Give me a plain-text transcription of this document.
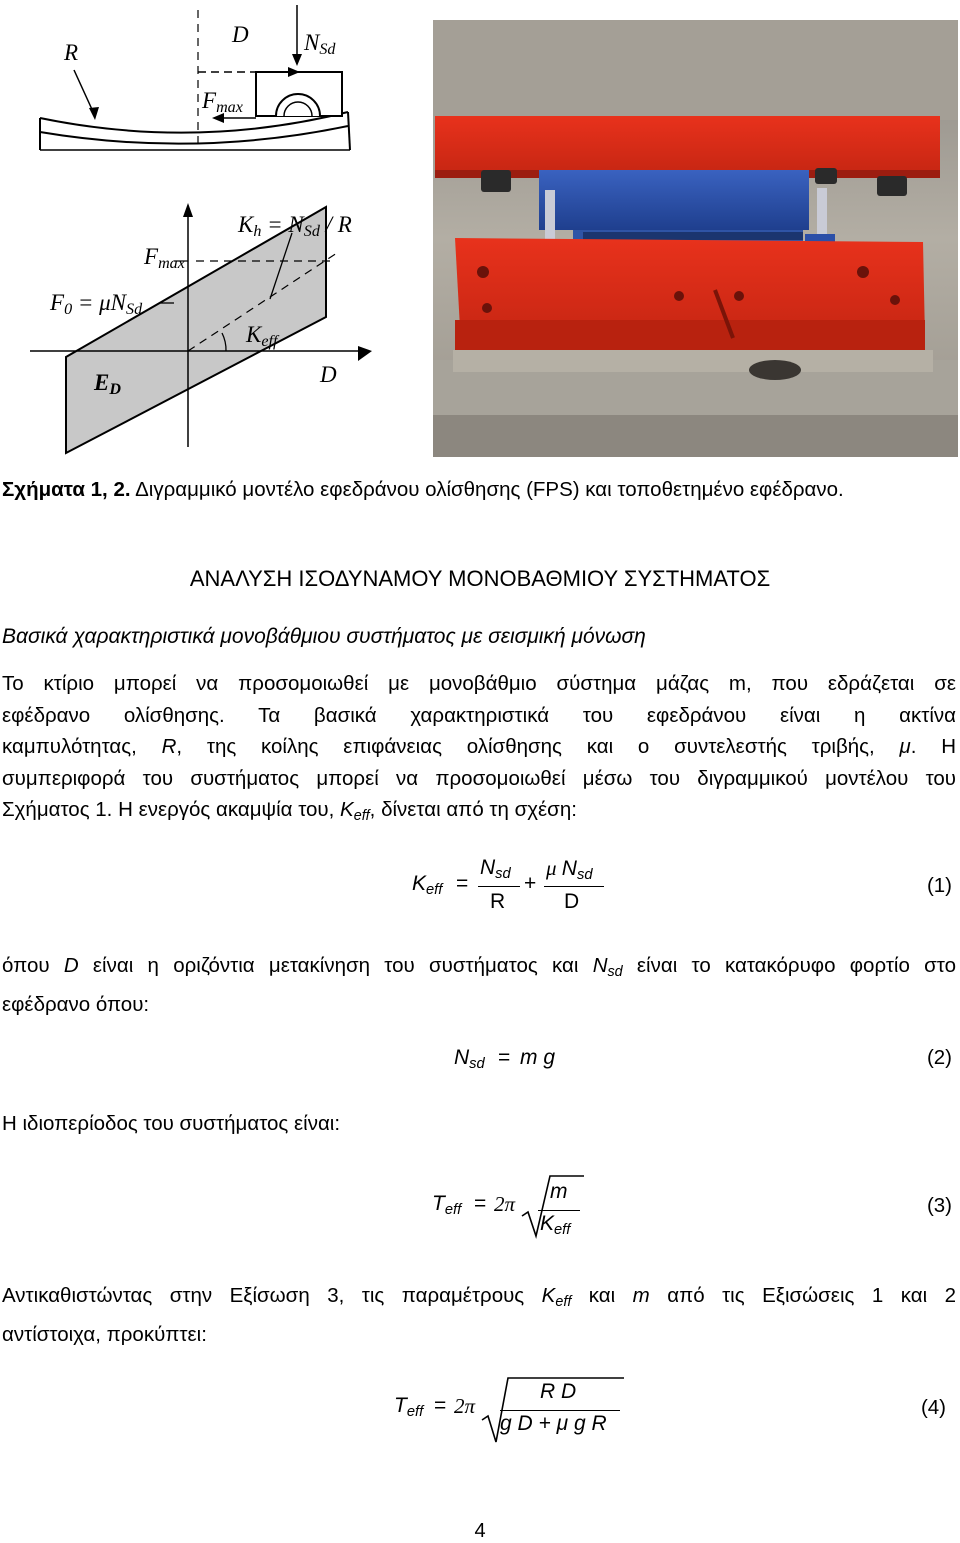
R
D $N_{Sd}$
$F_{max}$
$K_h = N_{Sd} / R$
$F_{max}$
$F_0 = \mu N_{Sd}$
$K_{eff}$
$E_D$
D
Σχήματα 1, 2. Διγραμμικό μοντέλο εφεδράνου ολίσθησης (FPS) και τοποθετημένο εφέδρανο.
ΑΝΑΛΥΣΗ ΙΣΟΔΥΝΑΜΟΥ ΜΟΝΟΒΑΘΜΙΟΥ ΣΥΣΤΗΜΑΤΟΣ
Βασικά χαρακτηριστικά μονοβάθμιου συστήματος με σεισμική μόνωση
Το κτίριο μπορεί να προσομοιωθεί με μονοβάθμιο σύστημα μάζας m, που εδράζεται σε
εφέδρανο ολίσθησης. Τα βασικά χαρακτηριστικά του εφεδράνου είναι η ακτίνα
καμπυλότητας, R, της κοίλης επιφάνειας ολίσθησης και ο συντελεστής τριβής, μ. Η
συμπεριφορά του συστήματος μπορεί να προσομοιωθεί μέσω του διγραμμικού μοντέλου του
Σχήματος 1. Η ενεργός ακαμψία του, $K_{eff}$, δίνεται από τη σχέση:
$K_{eff}$ =
$N_{sd}$
R
+
μ $N_{sd}$
D
(1)
όπου D είναι η οριζόντια μετακίνηση του συστήματος και $N_{sd}$ είναι το κατακόρυφο φορτίο στο
εφέδρανο όπου:
$N_{sd} = m$ g	(2)
Η ιδιοπερίοδος του συστήματος είναι:
$T_{eff} = 2\pi$
m
$K_{eff}$
(3)
Αντικαθιστώντας στην Εξίσωση 3, τις παραμέτρους $K_{eff}$ και m από τις Εξισώσεις 1 και 2
αντίστοιχα, προκύπτει:
$T_{eff} = 2\pi$
R D
g D + μ g R
(4)
4
